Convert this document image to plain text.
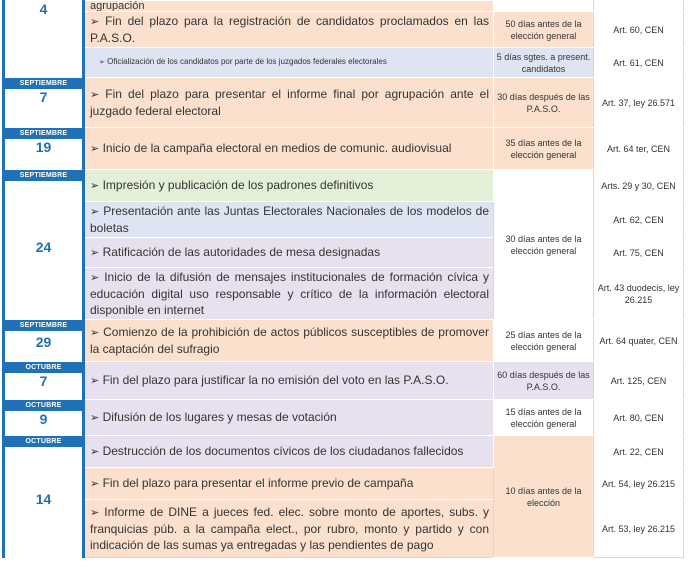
4	agrupación		
	➢ Fin del plazo para la registración de candidatos proclamados en las P.A.S.O.	50 días antes de la elección general	Art. 60, CEN
	➢ Oficialización de los candidatos por parte de los juzgados federales electorales	5 días sgtes. a present. candidatos	Art. 61, CEN

SEPTIEMBRE
7	➢ Fin del plazo para presentar el informe final por agrupación ante el juzgado federal electoral	30 días después de las P.A.S.O.	Art. 37, ley 26.571

SEPTIEMBRE
19	➢ Inicio de la campaña electoral en medios de comunic. audiovisual	35 días antes de la elección general	Art. 64 ter, CEN

SEPTIEMBRE
24	➢ Impresión y publicación de los padrones definitivos	30 días antes de la elección general	Arts. 29 y 30, CEN
	➢ Presentación ante las Juntas Electorales Nacionales de los modelos de boletas		Art. 62, CEN
	➢ Ratificación de las autoridades de mesa designadas		Art. 75, CEN
	➢ Inicio de la difusión de mensajes institucionales de formación cívica y educación digital uso responsable y crítico de la información electoral disponible en internet		Art. 43 duodecis, ley 26.215

SEPTIEMBRE
29	➢ Comienzo de la prohibición de actos públicos susceptibles de promover la captación del sufragio	25 días antes de la elección general	Art. 64 quater, CEN

OCTUBRE
7	➢ Fin del plazo para justificar la no emisión del voto en las P.A.S.O.	60 días después de las P.A.S.O.	Art. 125, CEN

OCTUBRE
9	➢ Difusión de los lugares y mesas de votación	15 días antes de la elección general	Art. 80, CEN

OCTUBRE
14	➢ Destrucción de los documentos cívicos de los ciudadanos fallecidos	10 días antes de la elección	Art. 22, CEN
	➢ Fin del plazo para presentar el informe previo de campaña		Art. 54, ley 26.215
	➢ Informe de DINE a jueces fed. elec. sobre monto de aportes, subs. y franquicias púb. a la campaña elect., por rubro, monto y partido y con indicación de las sumas ya entregadas y las pendientes de pago		Art. 53, ley 26.215
